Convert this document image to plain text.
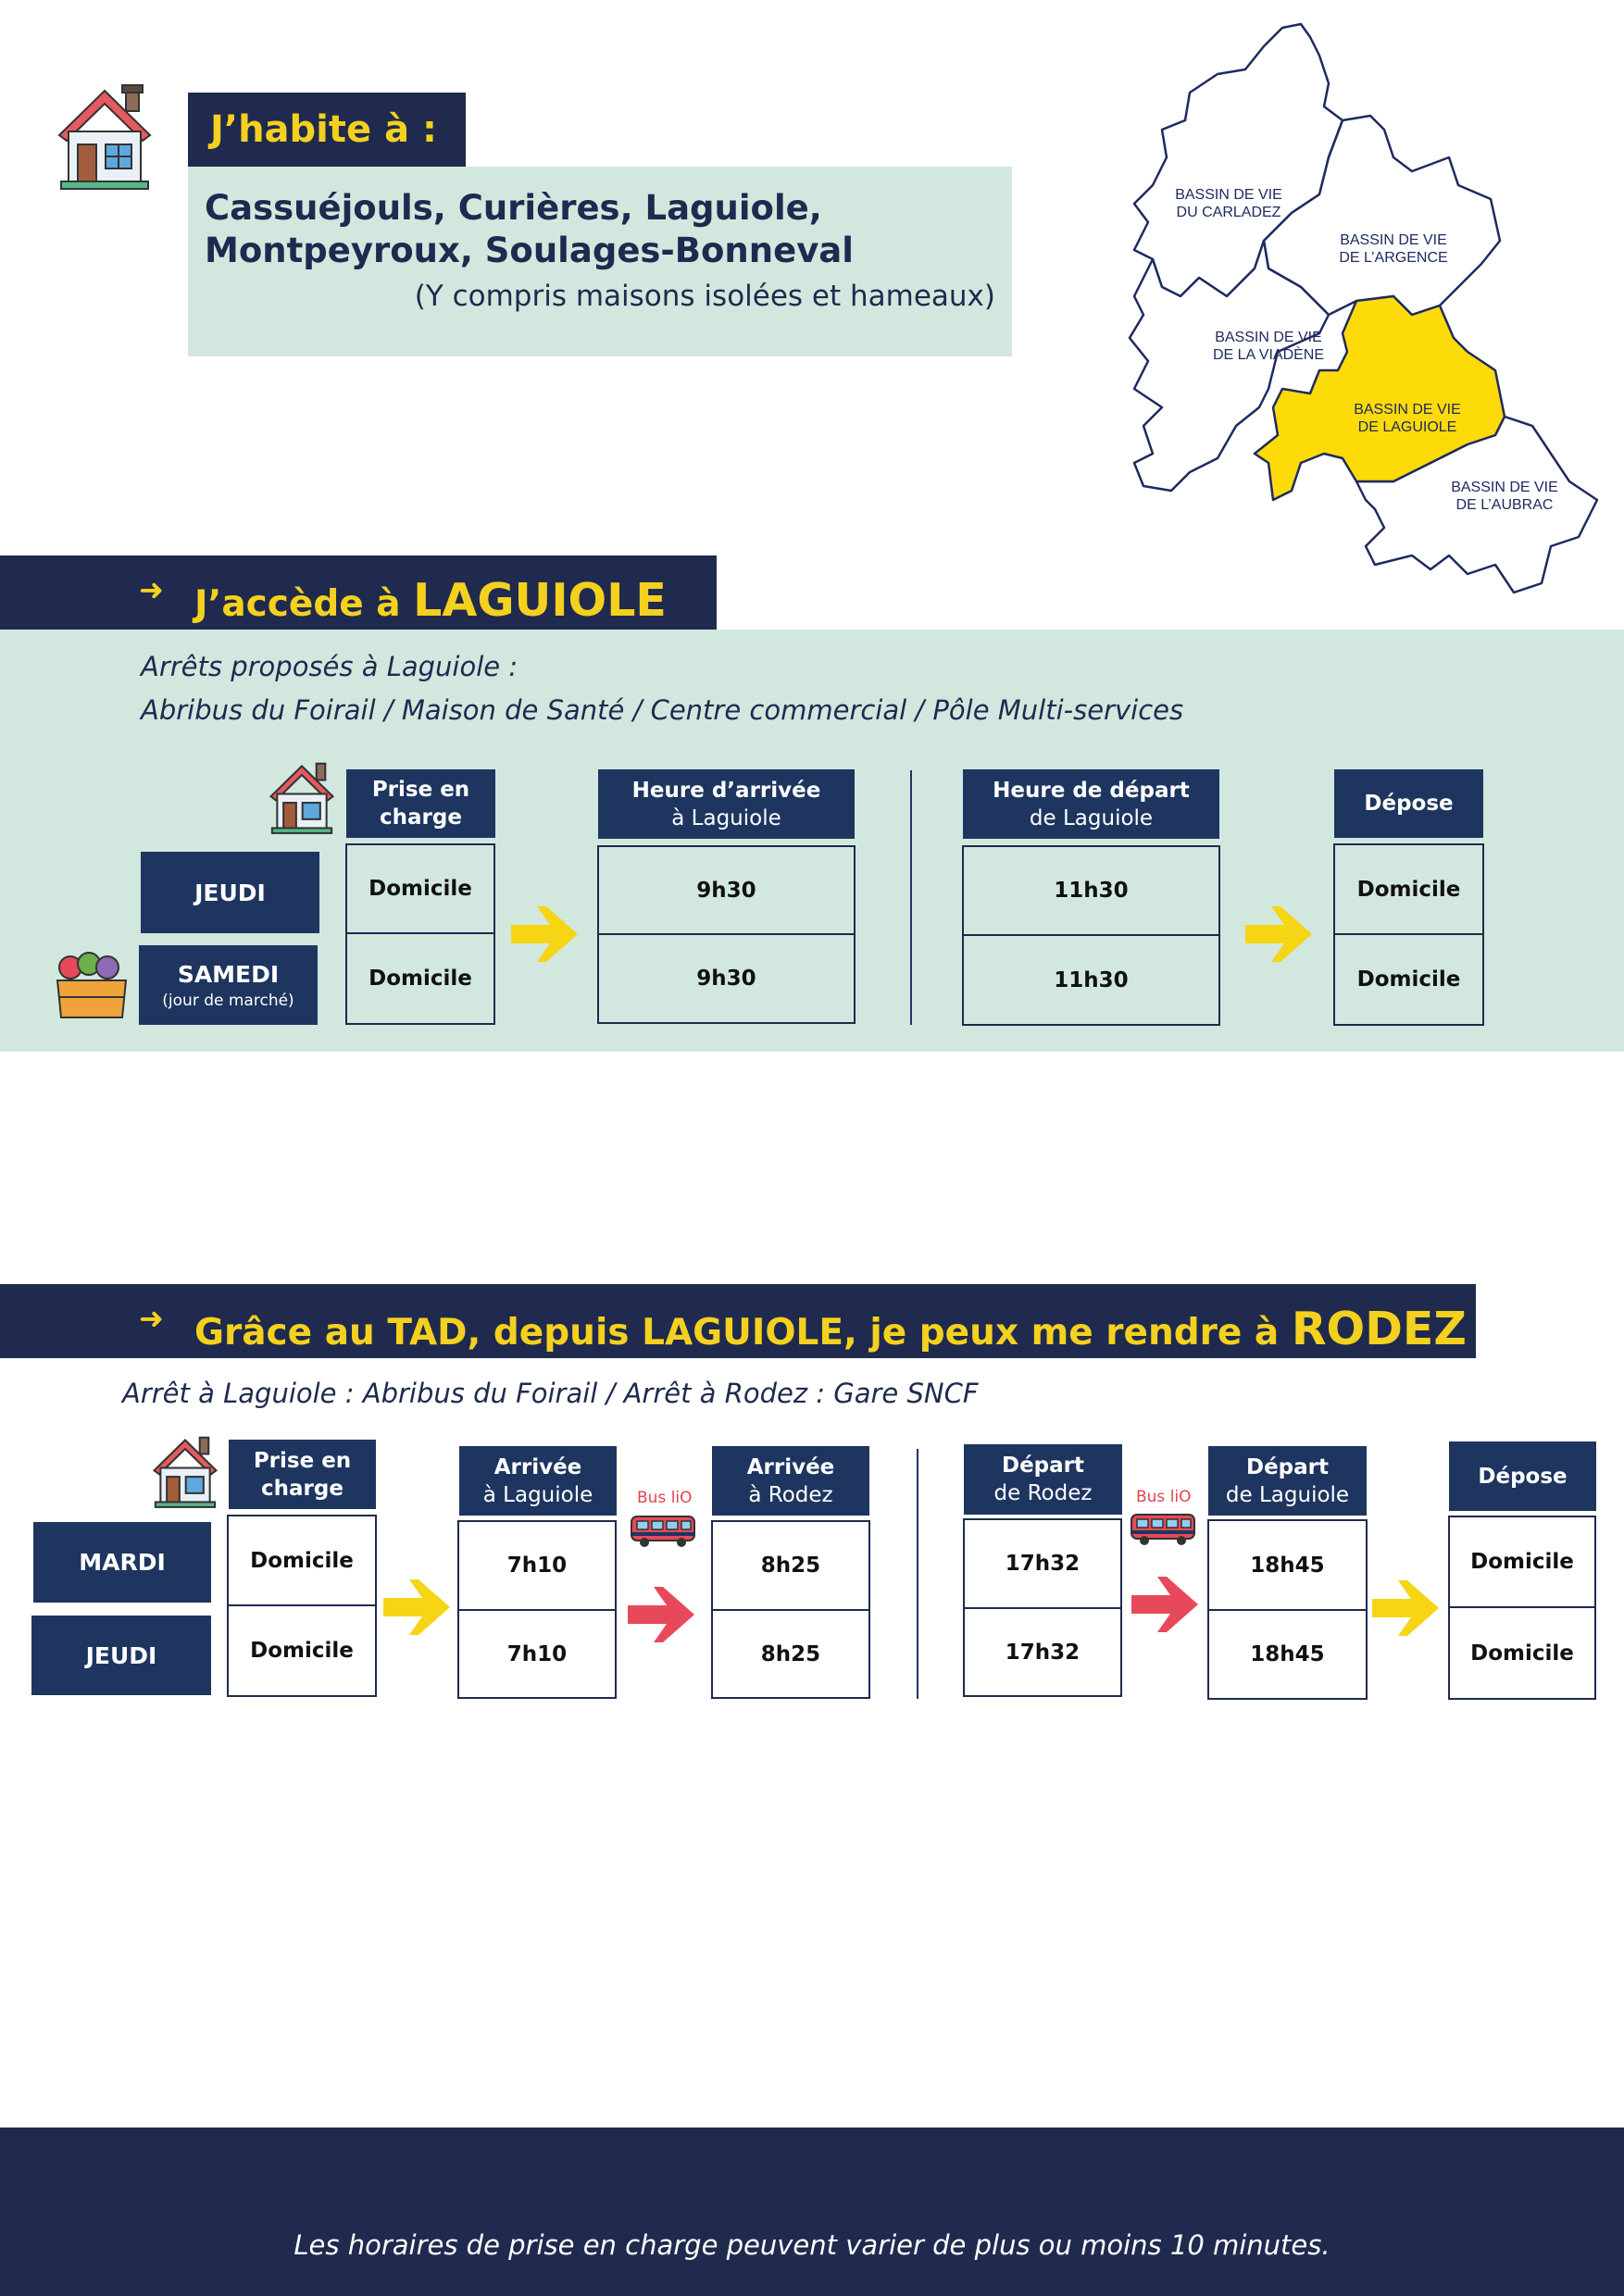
J’habite à :
Cassuéjouls, Curières, Laguiole, Montpeyroux, Soulages-Bonneval
(Y compris maisons isolées et hameaux)
BASSIN DE VIE
DU CARLADEZ
BASSIN DE VIE
DE L’ARGENCE
BASSIN DE VIE
DE LA VIADÈNE
BASSIN DE VIE
DE LAGUIOLE
BASSIN DE VIE
DE L’AUBRAC
➜ J’accède à LAGUIOLE
Arrêts proposés à Laguiole :
Abribus du Foirail / Maison de Santé / Centre commercial / Pôle Multi-services
Prise en
charge
Heure d’arrivée
à Laguiole
Heure de départ
de Laguiole
Dépose
JEUDI
SAMEDI
(jour de marché)
Domicile
Domicile
9h30
9h30
11h30
11h30
Domicile
Domicile
➜ Grâce au TAD, depuis LAGUIOLE, je peux me rendre à RODEZ
Arrêt à Laguiole : Abribus du Foirail / Arrêt à Rodez : Gare SNCF
Prise en
charge
Arrivée
à Laguiole
Arrivée
à Rodez
Départ
de Rodez
Départ
de Laguiole
Dépose
MARDI
JEUDI
Domicile
Domicile
7h10
7h10
8h25
8h25
17h32
17h32
18h45
18h45
Domicile
Domicile
Bus liO	Bus liO
Les horaires de prise en charge peuvent varier de plus ou moins 10 minutes.
